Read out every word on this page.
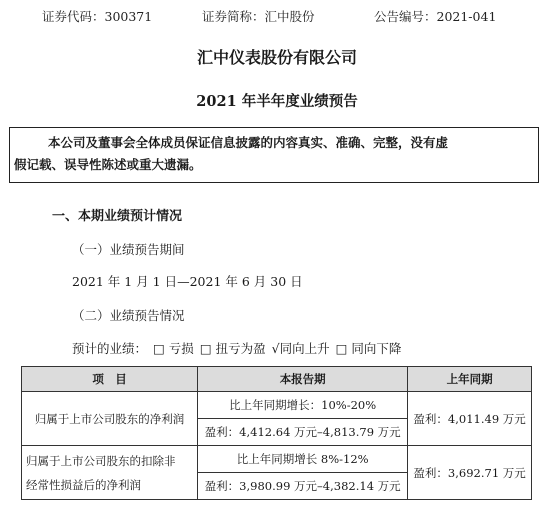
证券代码：300371	证券简称：汇中股份	公告编号：2021-041
汇中仪表股份有限公司
2021 年半年度业绩预告
本公司及董事会全体成员保证信息披露的内容真实、准确、完整，没有虚
假记载、误导性陈述或重大遗漏。
一、本期业绩预计情况
（一）业绩预告期间
2021 年 1 月 1 日—2021 年 6 月 30 日
（二）业绩预告情况
预计的业绩： □ 亏损 □ 扭亏为盈 √同向上升 □ 同向下降
项　目	本报告期	上年同期
归属于上市公司股东的净利润	比上年同期增长：10%-20%	盈利：4,011.49 万元
	盈利：4,412.64 万元–4,813.79 万元	

归属于上市公司股东的扣除非
经常性损益后的净利润	比上年同期增长 8%-12%	盈利：3,692.71 万元
	盈利：3,980.99 万元–4,382.14 万元	
